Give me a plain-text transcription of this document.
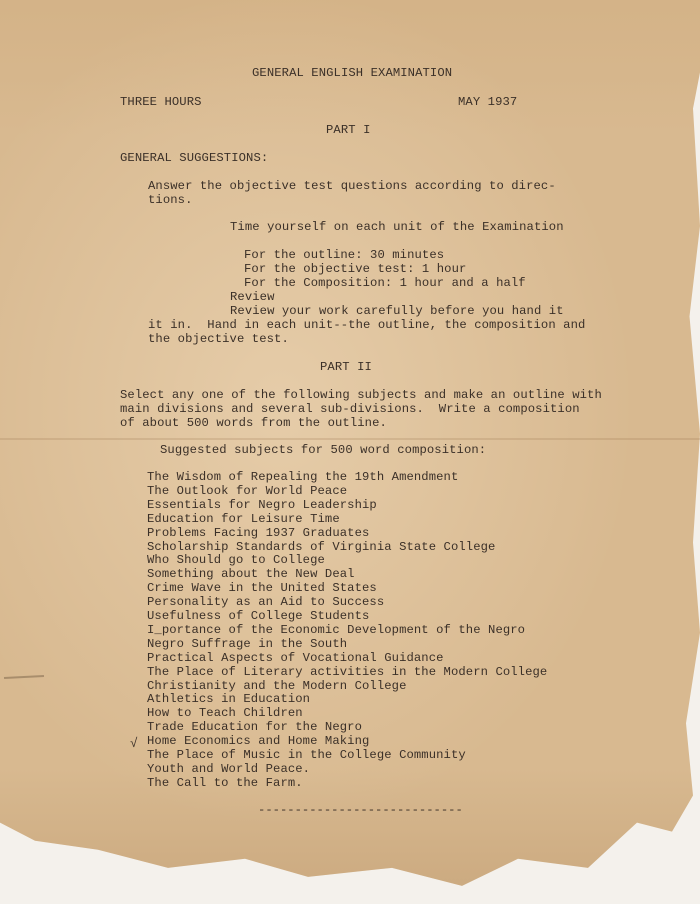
GENERAL ENGLISH EXAMINATION
THREE HOURS	MAY 1937
PART I
GENERAL SUGGESTIONS:
Answer the objective test questions according to direc-
tions.
Time yourself on each unit of the Examination
For the outline: 30 minutes
For the objective test: 1 hour
For the Composition: 1 hour and a half
Review
Review your work carefully before you hand it
it in.  Hand in each unit--the outline, the composition and
the objective test.
PART II
Select any one of the following subjects and make an outline with
main divisions and several sub-divisions.  Write a composition
of about 500 words from the outline.
Suggested subjects for 500 word composition:
The Wisdom of Repealing the 19th Amendment
The Outlook for World Peace
Essentials for Negro Leadership
Education for Leisure Time
Problems Facing 1937 Graduates
Scholarship Standards of Virginia State College
Who Should go to College
Something about the New Deal
Crime Wave in the United States
Personality as an Aid to Success
Usefulness of College Students
I_portance of the Economic Development of the Negro
Negro Suffrage in the South
Practical Aspects of Vocational Guidance
The Place of Literary activities in the Modern College
Christianity and the Modern College
Athletics in Education
How to Teach Children
Trade Education for the Negro
Home Economics and Home Making
The Place of Music in the College Community
Youth and World Peace.
The Call to the Farm.
√
----------------------------
